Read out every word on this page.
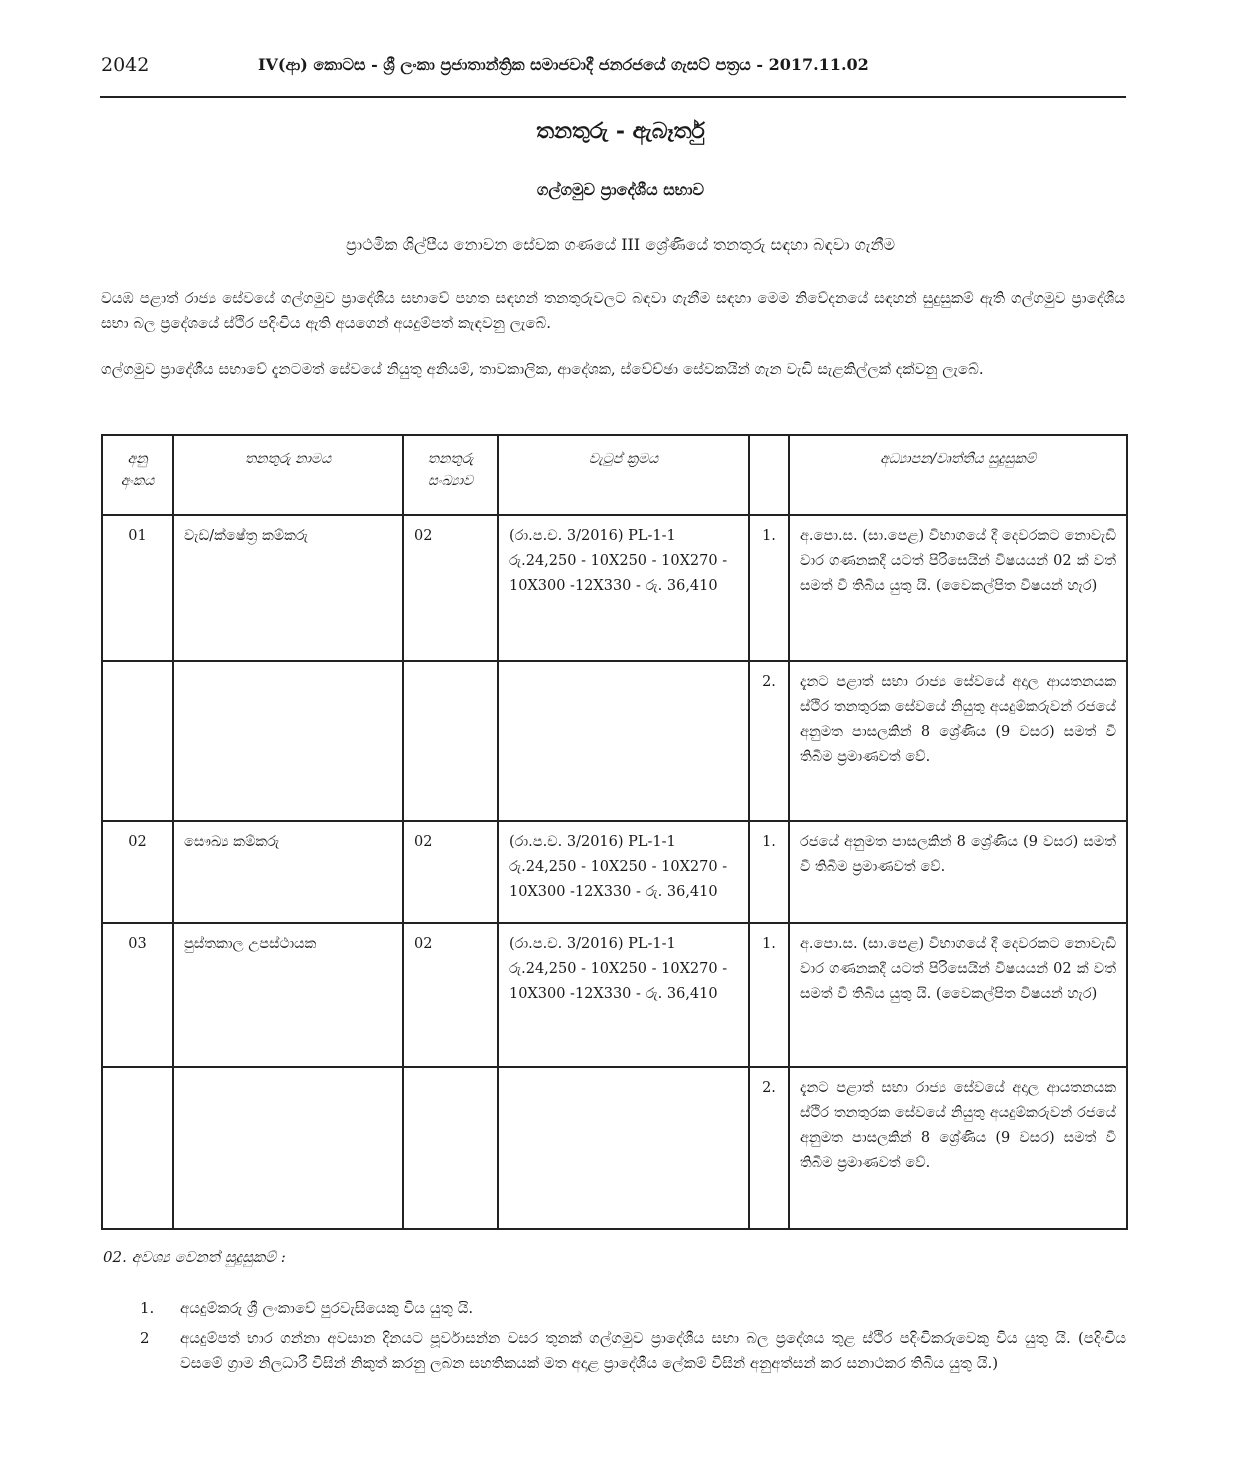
2042	IV(ආ) කොටස - ශ්‍රී ලංකා ප්‍රජාතාන්ත්‍රික සමාජවාදී ජනරජයේ ගැසට් පත්‍රය - 2017.11.02
තනතුරු - ඇබෑර්තු
ගල්ගමුව ප්‍රාදේශීය සභාව
ප්‍රාථමික ශිල්පීය නොවන සේවක ගණයේ III ශ්‍රේණියේ තනතුරු සඳහා බඳවා ගැනීම
වයඹ පළාත් රාජ්‍ය සේවයේ ගල්ගමුව ප්‍රාදේශීය සභාවේ පහත සඳහන් තනතුරුවලට බඳවා ගැනීම සඳහා මෙම නිවේදනයේ සඳහන් සුදුසුකම් ඇති ගල්ගමුව ප්‍රාදේශීය සභා බල ප්‍රදේශයේ ස්ථිර පදිංචිය ඇති අයගෙන් අයදුම්පත් කැඳවනු ලැබේ.
ගල්ගමුව ප්‍රාදේශීය සභාවේ දැනටමත් සේවයේ නියුතු අනියම්, තාවකාලික, ආදේශක, ස්වේච්ඡා සේවකයින් ගැන වැඩි සැළකිල්ලක් දක්වනු ලැබේ.
අනු අංකය	තනතුරු නාමය	තනතුරු සංඛ්‍යාව	වැටුප් ක්‍රමය		අධ්‍යාපන/වෘත්තීය සුදුසුකම්
01	වැඩ/ක්ෂේත්‍ර කම්කරු	02	(රා.ප.ච. 3/2016) PL-1-1 රු.24,250 - 10X250 - 10X270 - 10X300 -12X330 - රු. 36,410	1.	අ.පො.ස. (සා.පෙළ) විභාගයේ දී දෙවරකට නොවැඩි වාර ගණනකදී යටත් පිරිසෙයින් විෂයයන් 02 ක් වත් සමත් වී තිබිය යුතු යි. (වෛකල්පිත විෂයන් හැර)
				2.	දැනට පළාත් සභා රාජ්‍ය සේවයේ අදාල ආයතනයක ස්ථිර තනතුරක සේවයේ නියුතු අයදුම්කරුවන් රජයේ අනුමත පාසලකින් 8 ශ්‍රේණිය (9 වසර) සමත් වී තිබීම ප්‍රමාණවත් වේ.
02	සෞඛ්‍ය කම්කරු	02	(රා.ප.ච. 3/2016) PL-1-1 රු.24,250 - 10X250 - 10X270 - 10X300 -12X330 - රු. 36,410	1.	රජයේ අනුමත පාසලකින් 8 ශ්‍රේණිය (9 වසර) සමත් වී තිබීම ප්‍රමාණවත් වේ.
03	පුස්තකාල උපස්ථායක	02	(රා.ප.ච. 3/2016) PL-1-1 රු.24,250 - 10X250 - 10X270 - 10X300 -12X330 - රු. 36,410	1.	අ.පො.ස. (සා.පෙළ) විභාගයේ දී දෙවරකට නොවැඩි වාර ගණනකදී යටත් පිරිසෙයින් විෂයයන් 02 ක් වත් සමත් වී තිබිය යුතු යි. (වෛකල්පිත විෂයන් හැර)
				2.	දැනට පළාත් සභා රාජ්‍ය සේවයේ අදාල ආයතනයක ස්ථිර තනතුරක සේවයේ නියුතු අයදුම්කරුවන් රජයේ අනුමත පාසලකින් 8 ශ්‍රේණිය (9 වසර) සමත් වී තිබීම ප්‍රමාණවත් වේ.
02. අවශ්‍ය වෙනත් සුදුසුකම් :
1.	අයදුම්කරු ශ්‍රී ලංකාවේ පුරවැසියෙකු විය යුතු යි.
2	අයදුම්පත් භාර ගන්නා අවසාන දිනයට පූර්වාසන්න වසර තුනක් ගල්ගමුව ප්‍රාදේශීය සභා බල ප්‍රදේශය තුළ ස්ථිර පදිංචිකරුවෙකු විය යුතු යි. (පදිංචිය වසමේ ග්‍රාම නිලධාරී විසින් නිකුත් කරනු ලබන සහතිකයක් මත අදාළ ප්‍රාදේශීය ලේකම් විසින් අනුඅත්සන් කර සනාථකර තිබිය යුතු යි.)
